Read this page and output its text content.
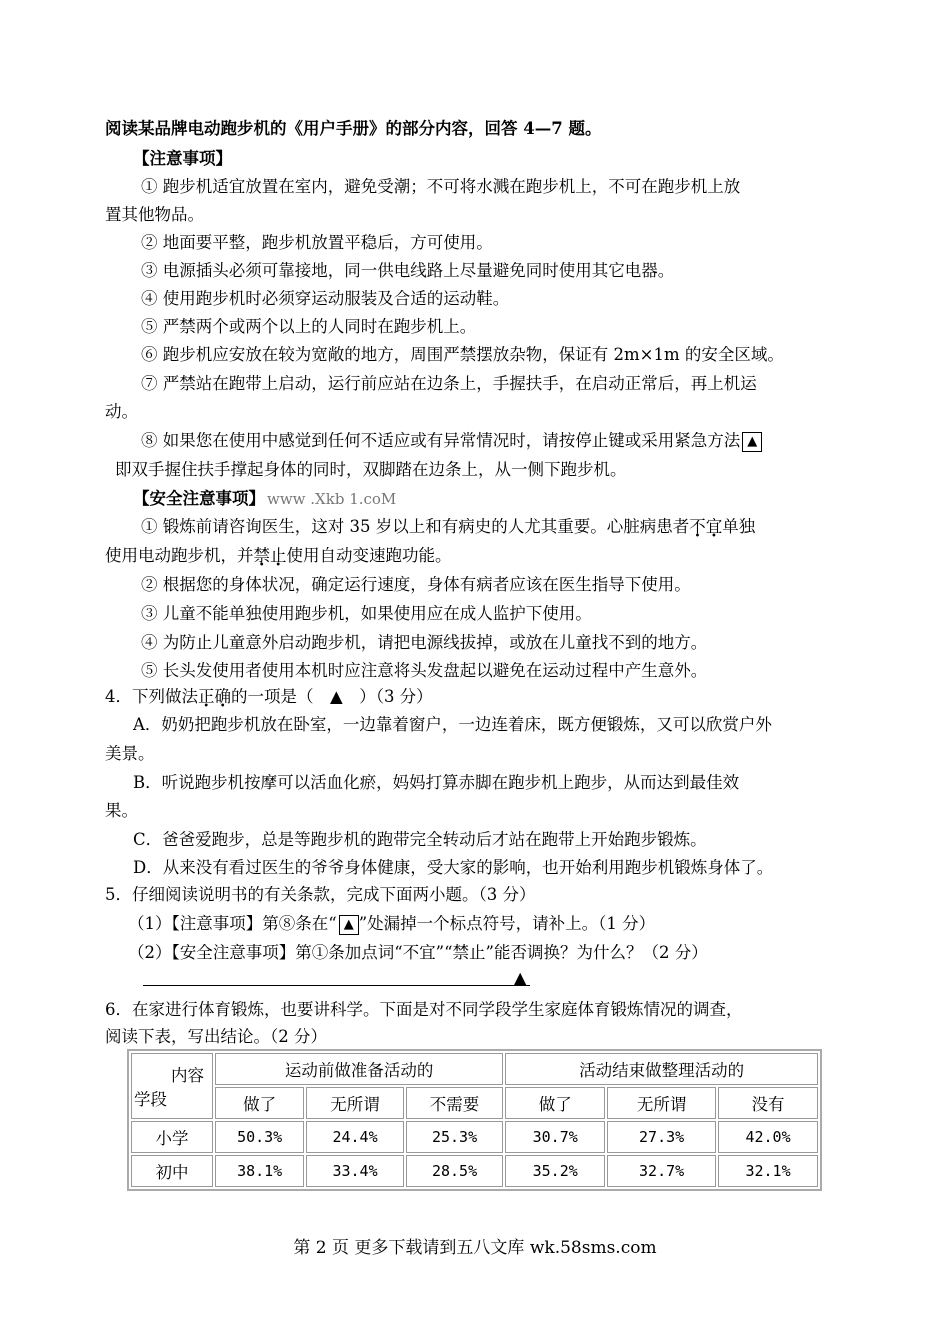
阅读某品牌电动跑步机的《用户手册》的部分内容，回答 4—7 题。
【注意事项】
① 跑步机适宜放置在室内，避免受潮；不可将水溅在跑步机上，不可在跑步机上放
置其他物品。
② 地面要平整，跑步机放置平稳后，方可使用。
③ 电源插头必须可靠接地，同一供电线路上尽量避免同时使用其它电器。
④ 使用跑步机时必须穿运动服装及合适的运动鞋。
⑤ 严禁两个或两个以上的人同时在跑步机上。
⑥ 跑步机应安放在较为宽敞的地方，周围严禁摆放杂物，保证有 2m×1m 的安全区域。
⑦ 严禁站在跑带上启动，运行前应站在边条上，手握扶手，在启动正常后，再上机运
动。
⑧ 如果您在使用中感觉到任何不适应或有异常情况时，请按停止键或采用紧急方法 ▲
即双手握住扶手撑起身体的同时，双脚踏在边条上，从一侧下跑步机。
【安全注意事项】 www .Xkb 1.coM
① 锻炼前请咨询医生，这对 35 岁以上和有病史的人尤其重要。心脏病患者不宜单独
使用电动跑步机，并禁止使用自动变速跑功能。
② 根据您的身体状况，确定运行速度，身体有病者应该在医生指导下使用。
③ 儿童不能单独使用跑步机，如果使用应在成人监护下使用。
④ 为防止儿童意外启动跑步机，请把电源线拔掉，或放在儿童找不到的地方。
⑤ 长头发使用者使用本机时应注意将头发盘起以避免在运动过程中产生意外。
4．下列做法正确的一项是（　▲　）（3 分）
A．奶奶把跑步机放在卧室，一边靠着窗户，一边连着床，既方便锻炼，又可以欣赏户外
美景。
B．听说跑步机按摩可以活血化瘀，妈妈打算赤脚在跑步机上跑步，从而达到最佳效
果。
C．爸爸爱跑步，总是等跑步机的跑带完全转动后才站在跑带上开始跑步锻炼。
D．从来没有看过医生的爷爷身体健康，受大家的影响，也开始利用跑步机锻炼身体了。
5．仔细阅读说明书的有关条款，完成下面两小题。（3 分）
（1）【注意事项】第⑧条在“ ▲ ”处漏掉一个标点符号，请补上。（1 分）
（2）【安全注意事项】第①条加点词“不宜”“禁止”能否调换？为什么？（2 分）
▲
6．在家进行体育锻炼，也要讲科学。下面是对不同学段学生家庭体育锻炼情况的调查，
阅读下表，写出结论。（2 分）
内容
学段	运动前做准备活动的			活动结束做整理活动的		
	做了	无所谓	不需要	做了	无所谓	没有
小学	50.3%	24.4%	25.3%	30.7%	27.3%	42.0%
初中	38.1%	33.4%	28.5%	35.2%	32.7%	32.1%
第 2 页 更多下载请到五八文库 wk.58sms.com
